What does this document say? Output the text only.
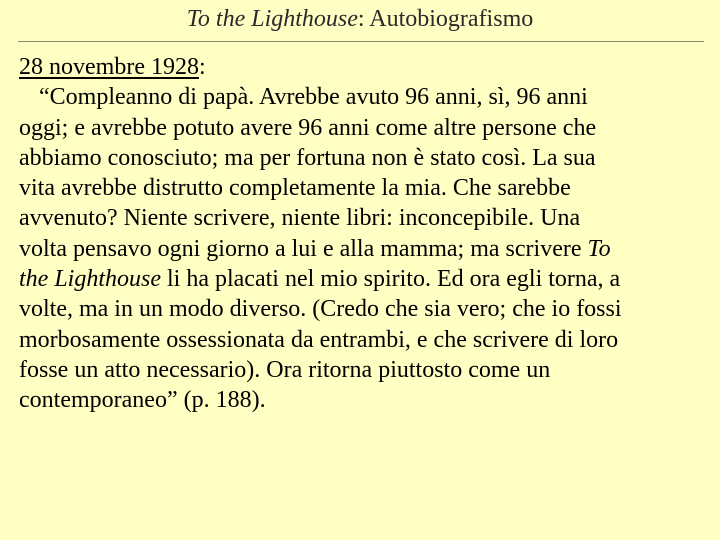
To the Lighthouse: Autobiografismo
28 novembre 1928:
“Compleanno di papà. Avrebbe avuto 96 anni, sì, 96 anni
oggi; e avrebbe potuto avere 96 anni come altre persone che
abbiamo conosciuto; ma per fortuna non è stato così. La sua
vita avrebbe distrutto completamente la mia. Che sarebbe
avvenuto? Niente scrivere, niente libri: inconcepibile. Una
volta pensavo ogni giorno a lui e alla mamma; ma scrivere To
the Lighthouse li ha placati nel mio spirito. Ed ora egli torna, a
volte, ma in un modo diverso. (Credo che sia vero; che io fossi
morbosamente ossessionata da entrambi, e che scrivere di loro
fosse un atto necessario). Ora ritorna piuttosto come un
contemporaneo” (p. 188).
